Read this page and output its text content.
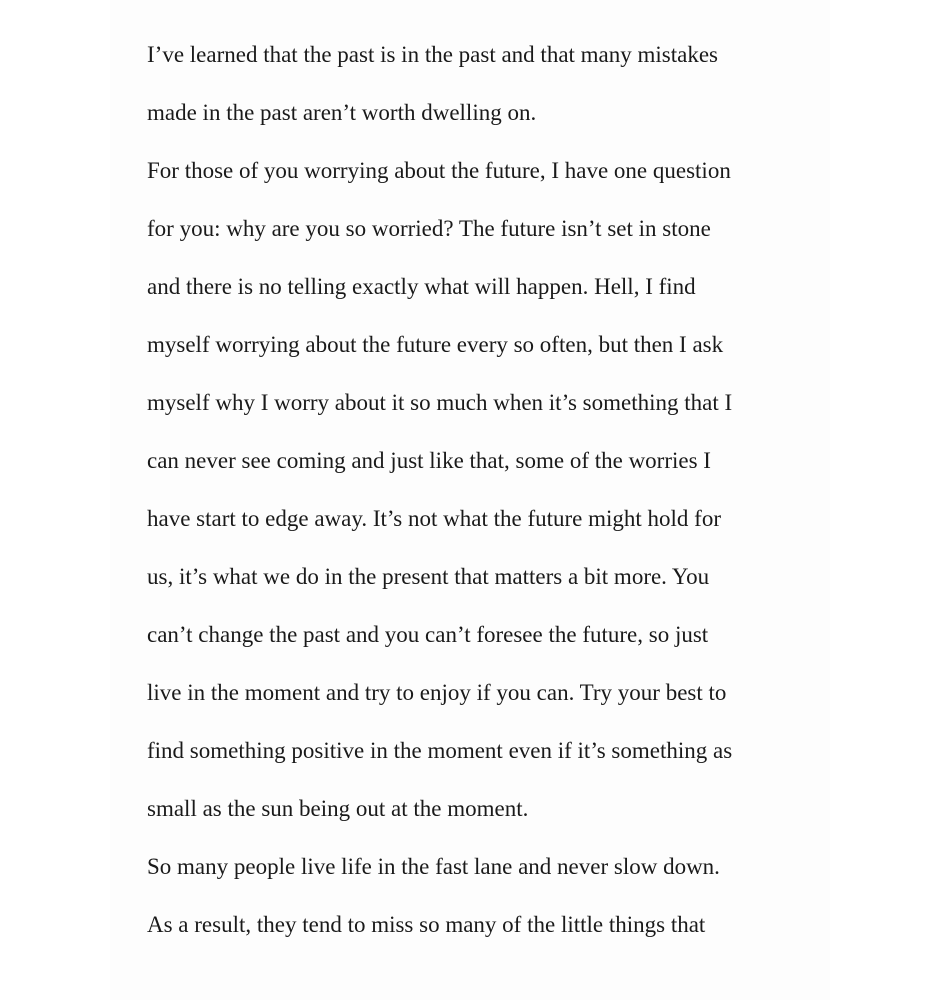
I’ve learned that the past is in the past and that many mistakes
made in the past aren’t worth dwelling on.
For those of you worrying about the future, I have one question
for you: why are you so worried? The future isn’t set in stone
and there is no telling exactly what will happen. Hell, I find
myself worrying about the future every so often, but then I ask
myself why I worry about it so much when it’s something that I
can never see coming and just like that, some of the worries I
have start to edge away. It’s not what the future might hold for
us, it’s what we do in the present that matters a bit more. You
can’t change the past and you can’t foresee the future, so just
live in the moment and try to enjoy if you can. Try your best to
find something positive in the moment even if it’s something as
small as the sun being out at the moment.
So many people live life in the fast lane and never slow down.
As a result, they tend to miss so many of the little things that
